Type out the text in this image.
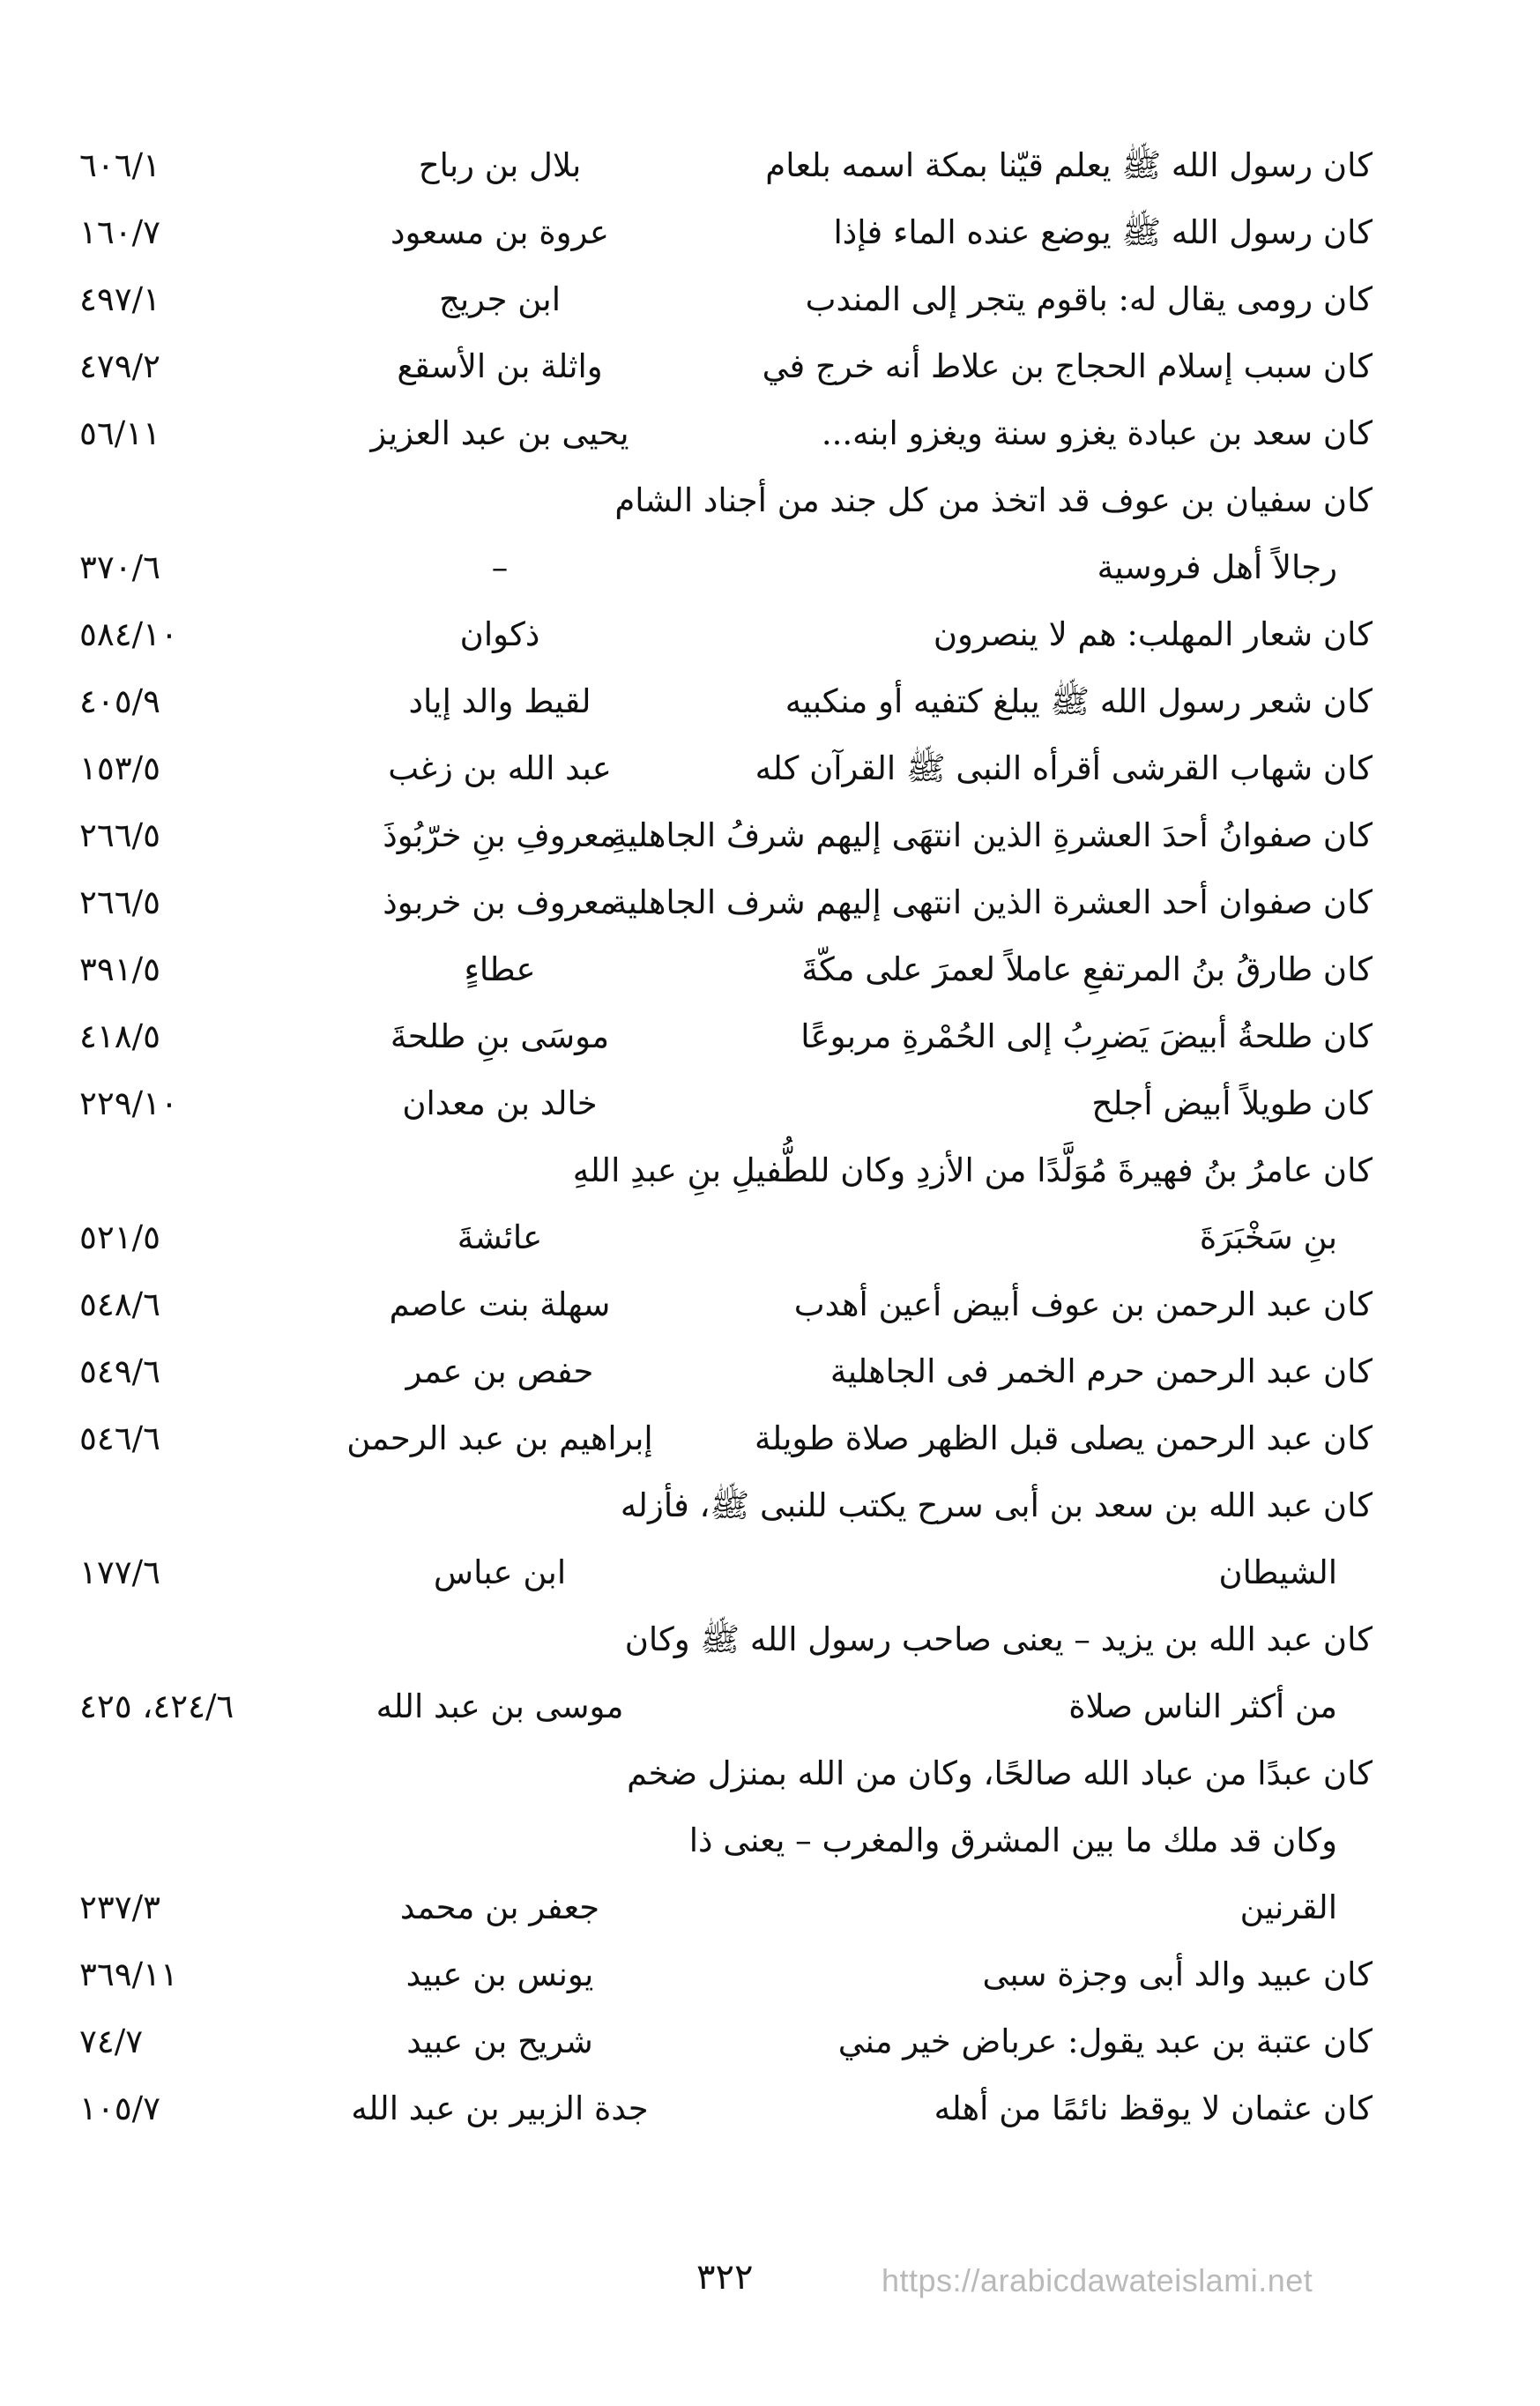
كان رسول الله ﷺ يعلم قيّنا بمكة اسمه بلعام
بلال بن رباح
٦٠٦/١
كان رسول الله ﷺ يوضع عنده الماء فإذا
عروة بن مسعود
١٦٠/٧
كان رومى يقال له: باقوم يتجر إلى المندب
ابن جريج
٤٩٧/١
كان سبب إسلام الحجاج بن علاط أنه خرج في
واثلة بن الأسقع
٤٧٩/٢
كان سعد بن عبادة يغزو سنة ويغزو ابنه...
يحيى بن عبد العزيز
٥٦/١١
كان سفيان بن عوف قد اتخذ من كل جند من أجناد الشام
رجالاً أهل فروسية
–
٣٧٠/٦
كان شعار المهلب: هم لا ينصرون
ذكوان
٥٨٤/١٠
كان شعر رسول الله ﷺ يبلغ كتفيه أو منكبيه
لقيط والد إياد
٤٠٥/٩
كان شهاب القرشى أقرأه النبى ﷺ القرآن كله
عبد الله بن زغب
١٥٣/٥
كان صفوانُ أحدَ العشرةِ الذين انتهَى إليهم شرفُ الجاهليةِ
معروفِ بنِ خرّبُوذَ
٢٦٦/٥
كان صفوان أحد العشرة الذين انتهى إليهم شرف الجاهلية
معروف بن خربوذ
٢٦٦/٥
كان طارقُ بنُ المرتفعِ عاملاً لعمرَ على مكّةَ
عطاءٍ
٣٩١/٥
كان طلحةُ أبيضَ يَضرِبُ إلى الحُمْرةِ مربوعًا
موسَى بنِ طلحةَ
٤١٨/٥
كان طويلاً أبيض أجلح
خالد بن معدان
٢٢٩/١٠
كان عامرُ بنُ فهيرةَ مُوَلَّدًا من الأزدِ وكان للطُّفيلِ بنِ عبدِ اللهِ
بنِ سَخْبَرَةَ
عائشةَ
٥٢١/٥
كان عبد الرحمن بن عوف أبيض أعين أهدب
سهلة بنت عاصم
٥٤٨/٦
كان عبد الرحمن حرم الخمر فى الجاهلية
حفص بن عمر
٥٤٩/٦
كان عبد الرحمن يصلى قبل الظهر صلاة طويلة
إبراهيم بن عبد الرحمن
٥٤٦/٦
كان عبد الله بن سعد بن أبى سرح يكتب للنبى ﷺ، فأزله
الشيطان
ابن عباس
١٧٧/٦
كان عبد الله بن يزيد – يعنى صاحب رسول الله ﷺ وكان
من أكثر الناس صلاة
موسى بن عبد الله
٤٢٤/٦، ٤٢٥
كان عبدًا من عباد الله صالحًا، وكان من الله بمنزل ضخم
وكان قد ملك ما بين المشرق والمغرب – يعنى ذا
القرنين
جعفر بن محمد
٢٣٧/٣
كان عبيد والد أبى وجزة سبى
يونس بن عبيد
٣٦٩/١١
كان عتبة بن عبد يقول: عرباض خير مني
شريح بن عبيد
٧٤/٧
كان عثمان لا يوقظ نائمًا من أهله
جدة الزبير بن عبد الله
١٠٥/٧
٣٢٢	https://arabicdawateislami.net
